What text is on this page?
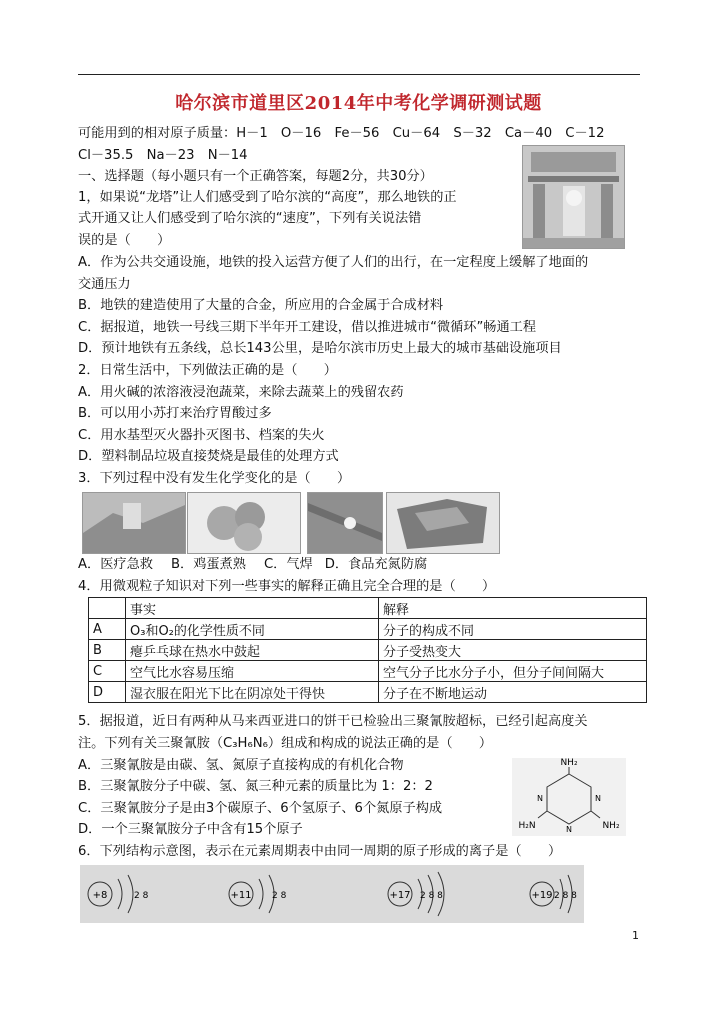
哈尔滨市道里区2014年中考化学调研测试题
可能用到的相对原子质量：H－1　O－16　Fe－56　Cu－64　S－32　Ca－40　C－12
Cl－35.5　Na－23　N－14
一、选择题（每小题只有一个正确答案，每题2分，共30分）
1，如果说“龙塔”让人们感受到了哈尔滨的“高度”，那么地铁的正
式开通又让人们感受到了哈尔滨的“速度”，下列有关说法错
误的是（　　）
A．作为公共交通设施，地铁的投入运营方便了人们的出行，在一定程度上缓解了地面的
交通压力
B．地铁的建造使用了大量的合金，所应用的合金属于合成材料
C．据报道，地铁一号线三期下半年开工建设，借以推进城市“微循环”畅通工程
D．预计地铁有五条线，总长143公里，是哈尔滨市历史上最大的城市基础设施项目
2．日常生活中，下列做法正确的是（　　）
A．用火碱的浓溶液浸泡蔬菜，来除去蔬菜上的残留农药
B．可以用小苏打来治疗胃酸过多
C．用水基型灭火器扑灭图书、档案的失火
D．塑料制品垃圾直接焚烧是最佳的处理方式
3．下列过程中没有发生化学变化的是（　　）
A．医疗急救 B．鸡蛋煮熟 C．气焊 D．食品充氮防腐
4．用微观粒子知识对下列一些事实的解释正确且完全合理的是（　　）
	事实	解释
A	O₃和O₂的化学性质不同	分子的构成不同
B	瘪乒乓球在热水中鼓起	分子受热变大
C	空气比水容易压缩	空气分子比水分子小，但分子间间隔大
D	湿衣服在阳光下比在阴凉处干得快	分子在不断地运动
5．据报道，近日有两种从马来西亚进口的饼干已检验出三聚氰胺超标，已经引起高度关
注。下列有关三聚氰胺（C₃H₆N₆）组成和构成的说法正确的是（　　）
A．三聚氰胺是由碳、氢、氮原子直接构成的有机化合物
B．三聚氰胺分子中碳、氢、氮三种元素的质量比为 1：2：2
C．三聚氰胺分子是由3个碳原子、6个氢原子、6个氮原子构成
D．一个三聚氰胺分子中含有15个原子
NH₂
H₂N	NH₂
N
N
N
6．下列结构示意图，表示在元素周期表中由同一周期的原子形成的离子是（　　）
+8	2 8	+11 2 8	+17 2 8 8	+19 2 8 8
1
